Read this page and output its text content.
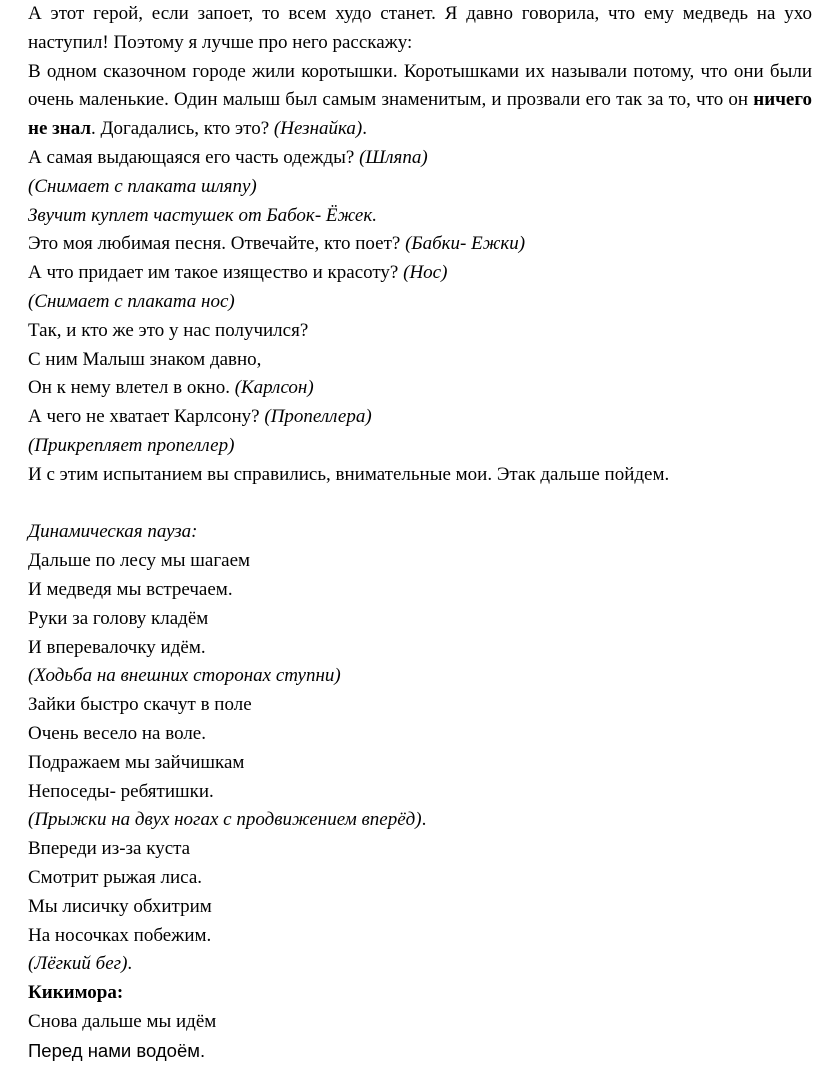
А этот герой, если запоет, то всем худо станет. Я давно говорила, что ему медведь на ухо наступил! Поэтому я лучше про него расскажу:

В одном сказочном городе жили коротышки. Коротышками их называли потому, что они были очень маленькие. Один малыш был самым знаменитым, и прозвали его так за то, что он ничего не знал. Догадались, кто это? (Незнайка).

А самая выдающаяся его часть одежды? (Шляпа)

(Снимает с плаката шляпу)

Звучит куплет частушек от Бабок- Ёжек.

Это моя любимая песня. Отвечайте, кто поет? (Бабки- Ежки)

А что придает им такое изящество и красоту? (Нос)

(Снимает с плаката нос)

Так, и кто же это у нас получился?

С ним Малыш знаком давно,

Он к нему влетел в окно. (Карлсон)

А чего не хватает Карлсону? (Пропеллера)

(Прикрепляет пропеллер)

И с этим испытанием вы справились, внимательные мои. Этак дальше пойдем.

Динамическая пауза:

Дальше по лесу мы шагаем

И медведя мы встречаем.

Руки за голову кладём

И вперевалочку идём.

(Ходьба на внешних сторонах ступни)

Зайки быстро скачут в поле

Очень весело на воле.

Подражаем мы зайчишкам

Непоседы- ребятишки.

(Прыжки на двух ногах с продвижением вперёд).

Впереди из-за куста

Смотрит рыжая лиса.

Мы лисичку обхитрим

На носочках побежим.

(Лёгкий бег).

Кикимора:

Снова дальше мы идём

Перед нами водоём.
